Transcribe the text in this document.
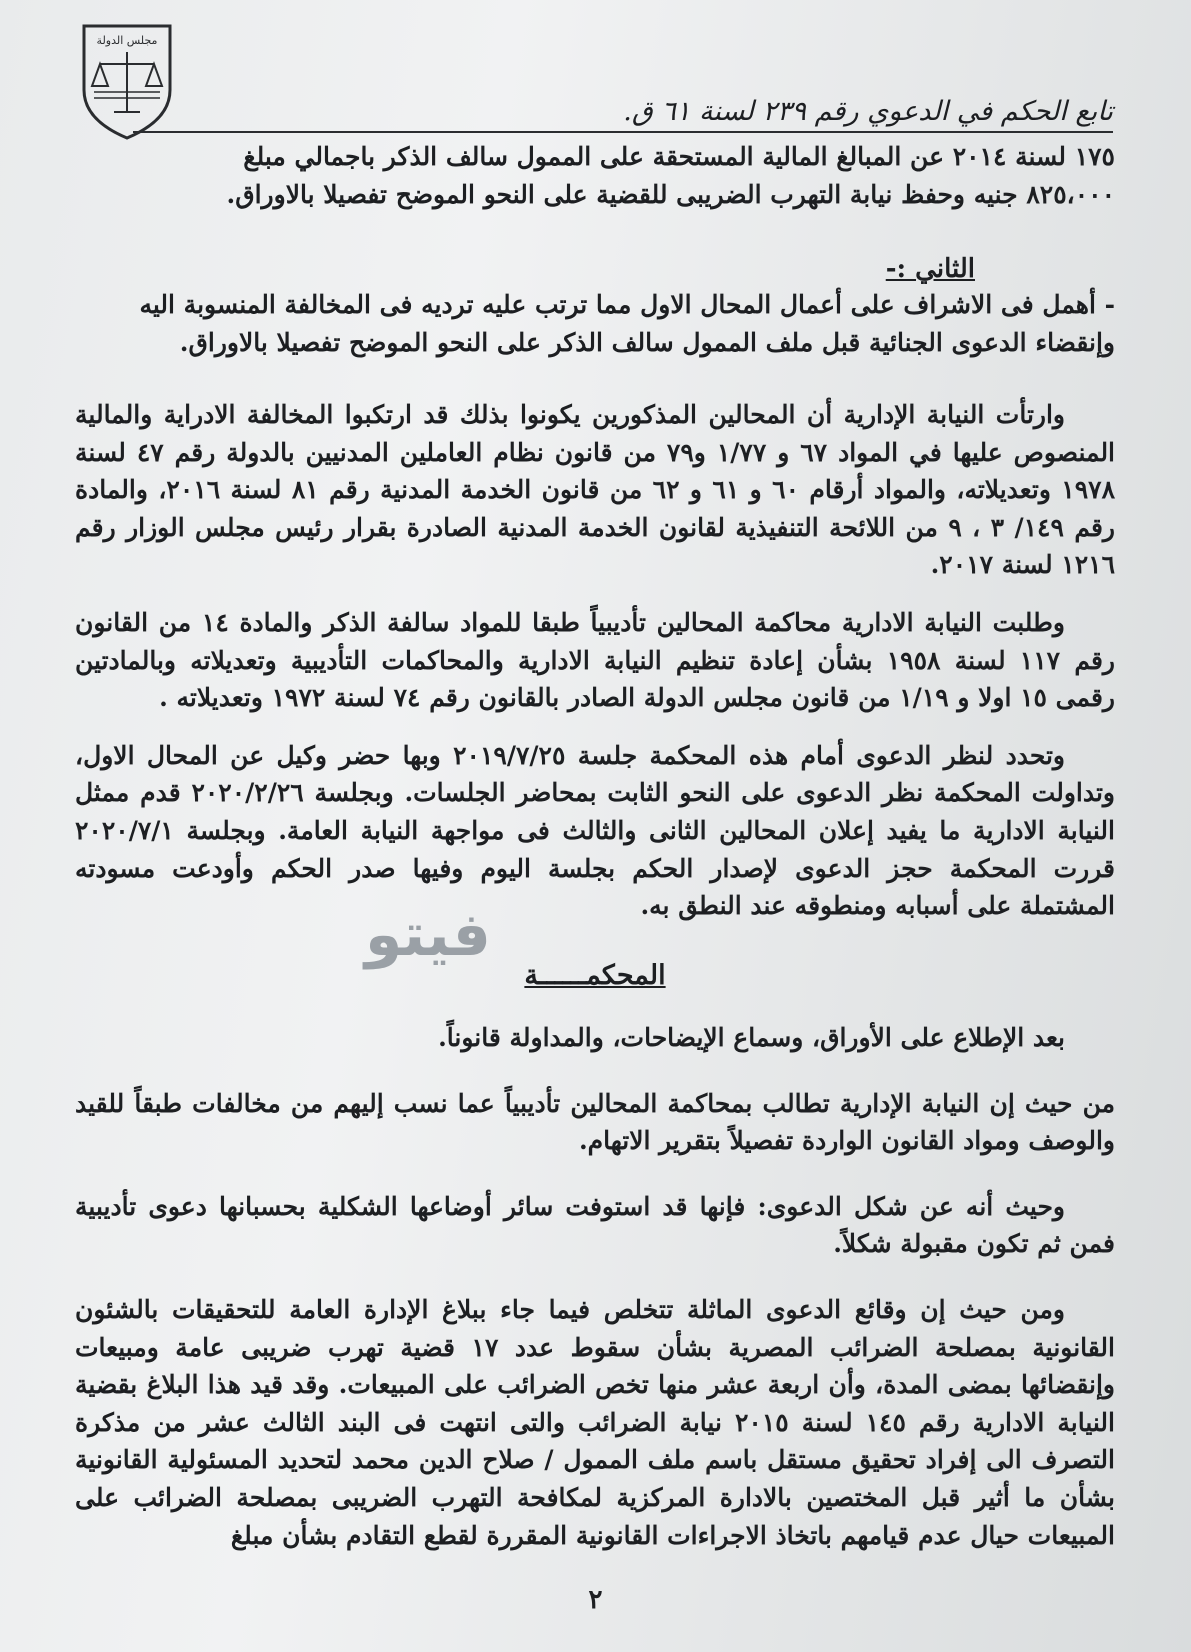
مجلس الدولة
تابع الحكم في الدعوي رقم ٢٣٩ لسنة ٦١ ق.

١٧٥ لسنة ٢٠١٤ عن المبالغ المالية المستحقة على الممول سالف الذكر باجمالي مبلغ

٨٢٥،٠٠٠ جنيه وحفظ نيابة التهرب الضريبى للقضية على النحو الموضح تفصيلا بالاوراق.

الثاني :-

- أهمل فى الاشراف على أعمال المحال الاول مما ترتب عليه ترديه فى المخالفة المنسوبة اليه

وإنقضاء الدعوى الجنائية قبل ملف الممول سالف الذكر على النحو الموضح تفصيلا بالاوراق.

وارتأت النيابة الإدارية أن المحالين المذكورين يكونوا بذلك قد ارتكبوا المخالفة الادراية والمالية المنصوص عليها في المواد ٦٧ و ١/٧٧ و٧٩ من قانون نظام العاملين المدنيين بالدولة رقم ٤٧ لسنة ١٩٧٨ وتعديلاته، والمواد أرقام ٦٠ و ٦١ و ٦٢ من قانون الخدمة المدنية رقم ٨١ لسنة ٢٠١٦، والمادة رقم ١٤٩/ ٣ ، ٩ من اللائحة التنفيذية لقانون الخدمة المدنية الصادرة بقرار رئيس مجلس الوزار رقم ١٢١٦ لسنة ٢٠١٧.

وطلبت النيابة الادارية محاكمة المحالين تأديبياً طبقا للمواد سالفة الذكر والمادة ١٤ من القانون رقم ١١٧ لسنة ١٩٥٨ بشأن إعادة تنظيم النيابة الادارية والمحاكمات التأديبية وتعديلاته وبالمادتين رقمى ١٥ اولا و ١/١٩ من قانون مجلس الدولة الصادر بالقانون رقم ٧٤ لسنة ١٩٧٢ وتعديلاته .

وتحدد لنظر الدعوى أمام هذه المحكمة جلسة ٢٠١٩/٧/٢٥ وبها حضر وكيل عن المحال الاول، وتداولت المحكمة نظر الدعوى على النحو الثابت بمحاضر الجلسات. وبجلسة ٢٠٢٠/٢/٢٦ قدم ممثل النيابة الادارية ما يفيد إعلان المحالين الثانى والثالث فى مواجهة النيابة العامة. وبجلسة ٢٠٢٠/٧/١ قررت المحكمة حجز الدعوى لإصدار الحكم بجلسة اليوم وفيها صدر الحكم وأودعت مسودته المشتملة على أسبابه ومنطوقه عند النطق به.

فيتو

المحكمــــــة

بعد الإطلاع على الأوراق، وسماع الإيضاحات، والمداولة قانوناً.

من حيث إن النيابة الإدارية تطالب بمحاكمة المحالين تأديبياً عما نسب إليهم من مخالفات طبقاً للقيد والوصف ومواد القانون الواردة تفصيلاً بتقرير الاتهام.

وحيث أنه عن شكل الدعوى: فإنها قد استوفت سائر أوضاعها الشكلية بحسبانها دعوى تأديبية فمن ثم تكون مقبولة شكلاً.

ومن حيث إن وقائع الدعوى الماثلة تتخلص فيما جاء ببلاغ الإدارة العامة للتحقيقات بالشئون القانونية بمصلحة الضرائب المصرية بشأن سقوط عدد ١٧ قضية تهرب ضريبى عامة ومبيعات وإنقضائها بمضى المدة، وأن اربعة عشر منها تخص الضرائب على المبيعات. وقد قيد هذا البلاغ بقضية النيابة الادارية رقم ١٤٥ لسنة ٢٠١٥ نيابة الضرائب والتى انتهت فى البند الثالث عشر من مذكرة التصرف الى إفراد تحقيق مستقل باسم ملف الممول / صلاح الدين محمد لتحديد المسئولية القانونية بشأن ما أثير قبل المختصين بالادارة المركزية لمكافحة التهرب الضريبى بمصلحة الضرائب على المبيعات حيال عدم قيامهم باتخاذ الاجراءات القانونية المقررة لقطع التقادم بشأن مبلغ

٢
